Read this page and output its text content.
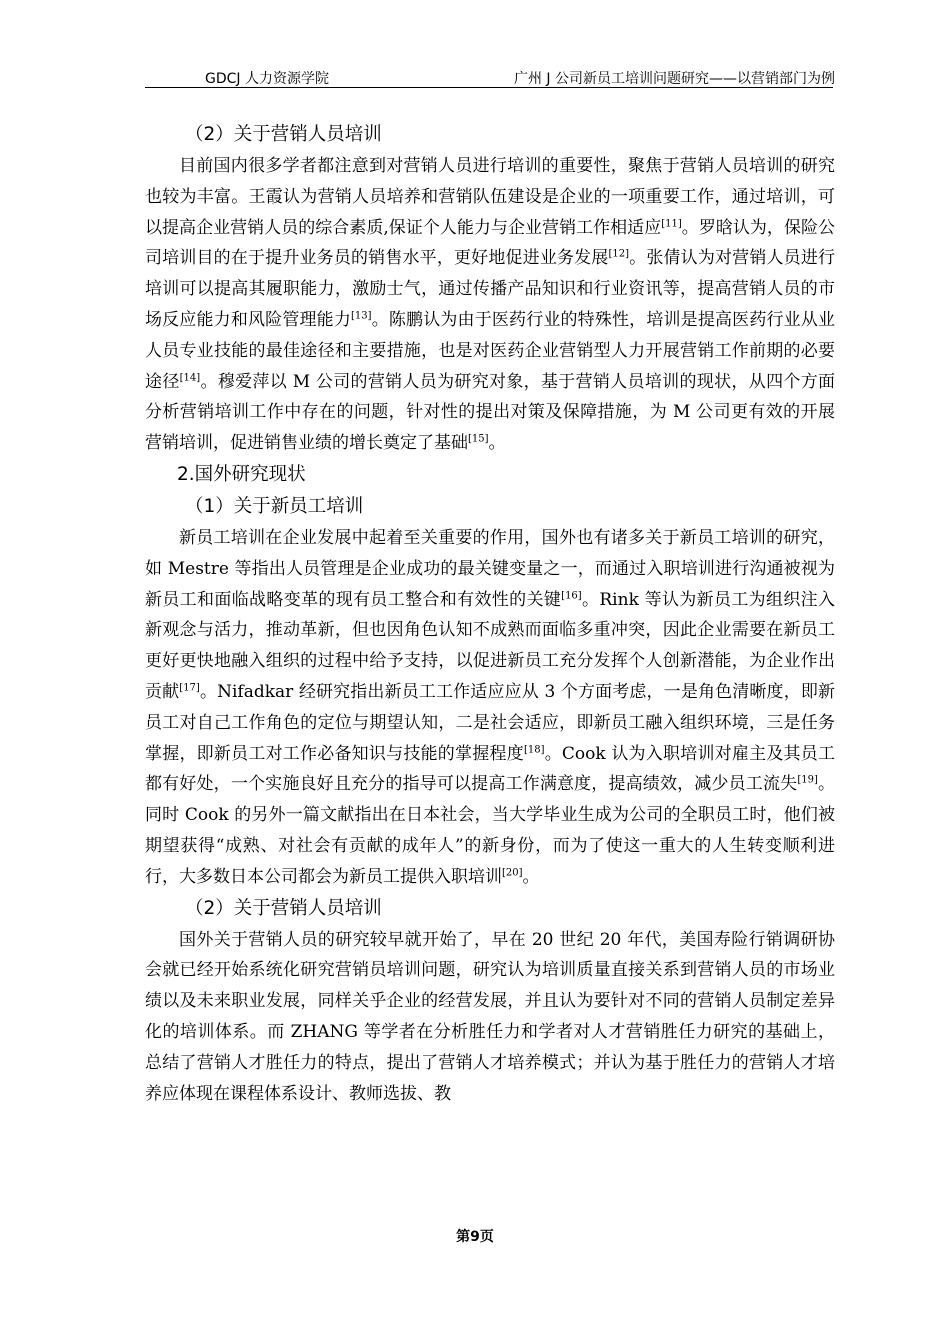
GDCJ 人力资源学院	广州 J 公司新员工培训问题研究——以营销部门为例
（2）关于营销人员培训

目前国内很多学者都注意到对营销人员进行培训的重要性，聚焦于营销人员培训的研究也较为丰富。王霞认为营销人员培养和营销队伍建设是企业的一项重要工作，通过培训，可以提高企业营销人员的综合素质,保证个人能力与企业营销工作相适应[11]。罗晗认为，保险公司培训目的在于提升业务员的销售水平，更好地促进业务发展[12]。张倩认为对营销人员进行培训可以提高其履职能力，激励士气，通过传播产品知识和行业资讯等，提高营销人员的市场反应能力和风险管理能力[13]。陈鹏认为由于医药行业的特殊性，培训是提高医药行业从业人员专业技能的最佳途径和主要措施，也是对医药企业营销型人力开展营销工作前期的必要途径[14]。穆爱萍以 M 公司的营销人员为研究对象，基于营销人员培训的现状，从四个方面分析营销培训工作中存在的问题，针对性的提出对策及保障措施，为 M 公司更有效的开展营销培训，促进销售业绩的增长奠定了基础[15]。

2.国外研究现状
（1）关于新员工培训

新员工培训在企业发展中起着至关重要的作用，国外也有诸多关于新员工培训的研究，如 Mestre 等指出人员管理是企业成功的最关键变量之一，而通过入职培训进行沟通被视为新员工和面临战略变革的现有员工整合和有效性的关键[16]。Rink 等认为新员工为组织注入新观念与活力，推动革新，但也因角色认知不成熟而面临多重冲突，因此企业需要在新员工更好更快地融入组织的过程中给予支持，以促进新员工充分发挥个人创新潜能，为企业作出贡献[17]。Nifadkar 经研究指出新员工工作适应应从 3 个方面考虑，一是角色清晰度，即新员工对自己工作角色的定位与期望认知，二是社会适应，即新员工融入组织环境，三是任务掌握，即新员工对工作必备知识与技能的掌握程度[18]。Cook 认为入职培训对雇主及其员工都有好处，一个实施良好且充分的指导可以提高工作满意度，提高绩效，减少员工流失[19]。同时 Cook 的另外一篇文献指出在日本社会，当大学毕业生成为公司的全职员工时，他们被期望获得“成熟、对社会有贡献的成年人”的新身份，而为了使这一重大的人生转变顺利进行，大多数日本公司都会为新员工提供入职培训[20]。

（2）关于营销人员培训

国外关于营销人员的研究较早就开始了，早在 20 世纪 20 年代，美国寿险行销调研协会就已经开始系统化研究营销员培训问题，研究认为培训质量直接关系到营销人员的市场业绩以及未来职业发展，同样关乎企业的经营发展，并且认为要针对不同的营销人员制定差异化的培训体系。而 ZHANG 等学者在分析胜任力和学者对人才营销胜任力研究的基础上，总结了营销人才胜任力的特点，提出了营销人才培养模式；并认为基于胜任力的营销人才培养应体现在课程体系设计、教师选拔、教

第9页
